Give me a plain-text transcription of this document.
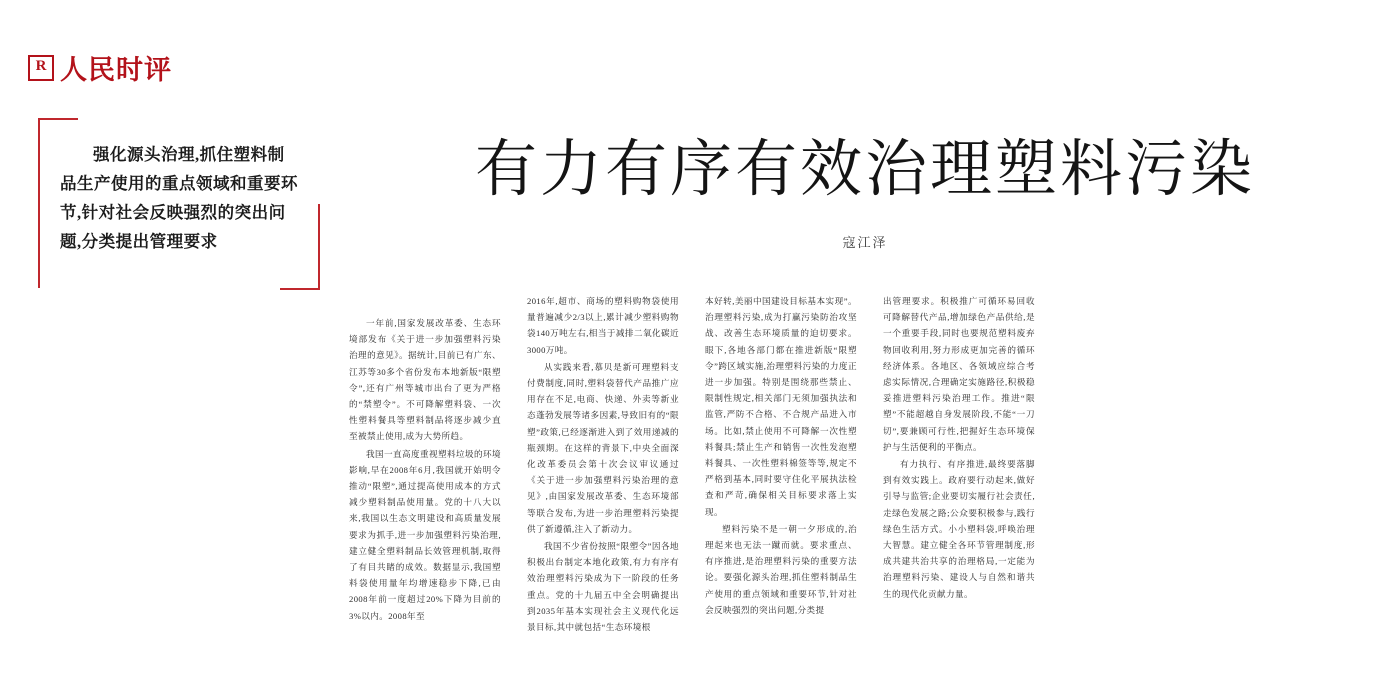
R 人民时评
强化源头治理,抓住塑料制品生产使用的重点领域和重要环节,针对社会反映强烈的突出问题,分类提出管理要求
有力有序有效治理塑料污染
寇江泽

一年前,国家发展改革委、生态环境部发布《关于进一步加强塑料污染治理的意见》。据统计,目前已有广东、江苏等30多个省份发布本地新版“限塑令”,还有广州等城市出台了更为严格的“禁塑令”。不可降解塑料袋、一次性塑料餐具等塑料制品将逐步减少直至被禁止使用,成为大势所趋。

我国一直高度重视塑料垃圾的环境影响,早在2008年6月,我国就开始明令推动“限塑”,通过提高使用成本的方式减少塑料制品使用量。党的十八大以来,我国以生态文明建设和高质量发展要求为抓手,进一步加强塑料污染治理,建立健全塑料制品长效管理机制,取得了有目共睹的成效。数据显示,我国塑料袋使用量年均增速稳步下降,已由2008年前一度超过20%下降为目前的3%以内。2008年至

2016年,超市、商场的塑料购物袋使用量普遍减少2/3以上,累计减少塑料购物袋140万吨左右,相当于减排二氧化碳近3000万吨。

从实践来看,慕贝是新可理塑料支付费制度,同时,塑料袋替代产品推广应用存在不足,电商、快递、外卖等新业态蓬勃发展等诸多因素,导致旧有的“限塑”政策,已经逐渐进入到了效用递减的瓶颈期。在这样的背景下,中央全面深化改革委员会第十次会议审议通过《关于进一步加强塑料污染治理的意见》,由国家发展改革委、生态环境部等联合发布,为进一步治理塑料污染提供了新遵循,注入了新动力。

我国不少省份按照“限塑令”因各地积极出台制定本地化政策,有力有序有效治理塑料污染成为下一阶段的任务重点。党的十九届五中全会明确提出到2035年基本实现社会主义现代化远景目标,其中就包括“生态环境根

本好转,美丽中国建设目标基本实现”。治理塑料污染,成为打赢污染防治攻坚战、改善生态环境质量的迫切要求。眼下,各地各部门都在推进新版“限塑令”跨区域实施,治理塑料污染的力度正进一步加强。特别是围绕那些禁止、限制性规定,相关部门无须加强执法和监管,严防不合格、不合规产品进入市场。比如,禁止使用不可降解一次性塑料餐具;禁止生产和销售一次性发泡塑料餐具、一次性塑料棉签等等,规定不严格到基本,同时要守住化平展执法检查和严苛,确保相关目标要求落上实现。

塑料污染不是一朝一夕形成的,治理起来也无法一蹴而就。要求重点、有序推进,是治理塑料污染的重要方法论。要强化源头治理,抓住塑料制品生产使用的重点领域和重要环节,针对社会反映强烈的突出问题,分类提

出管理要求。积极推广可循环易回收可降解替代产品,增加绿色产品供给,是一个重要手段,同时也要规范塑料废弃物回收利用,努力形成更加完善的循环经济体系。各地区、各领域应综合考虑实际情况,合理确定实施路径,积极稳妥推进塑料污染治理工作。推进“限塑”不能超越自身发展阶段,不能“一刀切”,要兼顾可行性,把握好生态环境保护与生活便利的平衡点。

有力执行、有序推进,最终要落脚到有效实践上。政府要行动起来,做好引导与监管;企业要切实履行社会责任,走绿色发展之路;公众要积极参与,践行绿色生活方式。小小塑料袋,呼唤治理大智慧。建立健全各环节管理制度,形成共建共治共享的治理格局,一定能为治理塑料污染、建设人与自然和谐共生的现代化贡献力量。
